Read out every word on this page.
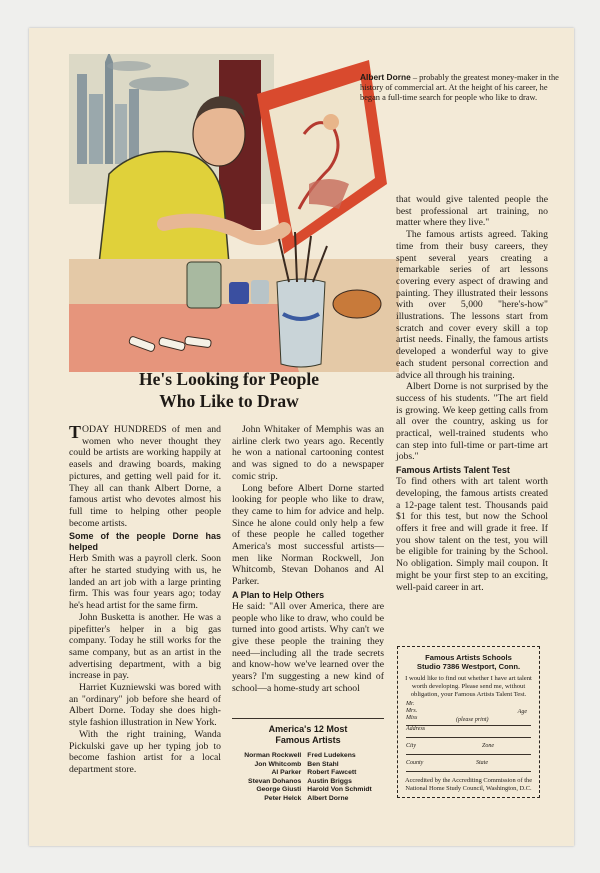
Albert Dorne – probably the greatest money-maker in the history of commercial art. At the height of his career, he began a full-time search for people who like to draw.
He's Looking for People
Who Like to Draw

TODAY HUNDREDS of men and women who never thought they could be artists are working happily at easels and drawing boards, making pictures, and getting well paid for it. They all can thank Albert Dorne, a famous artist who devotes almost his full time to helping other people become artists.

Some of the people Dorne has helped

Herb Smith was a payroll clerk. Soon after he started studying with us, he landed an art job with a large printing firm. This was four years ago; today he's head artist for the same firm.

John Busketta is another. He was a pipefitter's helper in a big gas company. Today he still works for the same company, but as an artist in the advertising department, with a big increase in pay.

Harriet Kuzniewski was bored with an "ordinary" job before she heard of Albert Dorne. Today she does high-style fashion illustration in New York.

With the right training, Wanda Pickulski gave up her typing job to become fashion artist for a local department store.

John Whitaker of Memphis was an airline clerk two years ago. Recently he won a national cartooning contest and was signed to do a newspaper comic strip.

Long before Albert Dorne started looking for people who like to draw, they came to him for advice and help. Since he alone could only help a few of these people he called together America's most successful artists—men like Norman Rockwell, Jon Whitcomb, Stevan Dohanos and Al Parker.

A Plan to Help Others

He said: "All over America, there are people who like to draw, who could be turned into good artists. Why can't we give these people the training they need—including all the trade secrets and know-how we've learned over the years? I'm suggesting a new kind of school—a home-study art school

America's 12 Most
Famous Artists
Norman Rockwell
Jon Whitcomb
Al Parker
Stevan Dohanos
George Giusti
Peter Helck
Fred Ludekens
Ben Stahl
Robert Fawcett
Austin Briggs
Harold Von Schmidt
Albert Dorne

that would give talented people the best professional art training, no matter where they live."

The famous artists agreed. Taking time from their busy careers, they spent several years creating a remarkable series of art lessons covering every aspect of drawing and painting. They illustrated their lessons with over 5,000 "here's-how" illustrations. The lessons start from scratch and cover every skill a top artist needs. Finally, the famous artists developed a wonderful way to give each student personal correction and advice all through his training.

Albert Dorne is not surprised by the success of his students. "The art field is growing. We keep getting calls from all over the country, asking us for practical, well-trained students who can step into full-time or part-time art jobs."

Famous Artists Talent Test

To find others with art talent worth developing, the famous artists created a 12-page talent test. Thousands paid $1 for this test, but now the School offers it free and will grade it free. If you show talent on the test, you will be eligible for training by the School. No obligation. Simply mail coupon. It might be your first step to an exciting, well-paid career in art.

Famous Artists Schools
Studio 7386 Westport, Conn.
I would like to find out whether I have art talent worth developing. Please send me, without obligation, your Famous Artists Talent Test.
Mr.
Mrs.
Miss	(please print)
Age
Address
City	Zone
County	State
Accredited by the Accrediting Commission of the National Home Study Council, Washington, D.C.
